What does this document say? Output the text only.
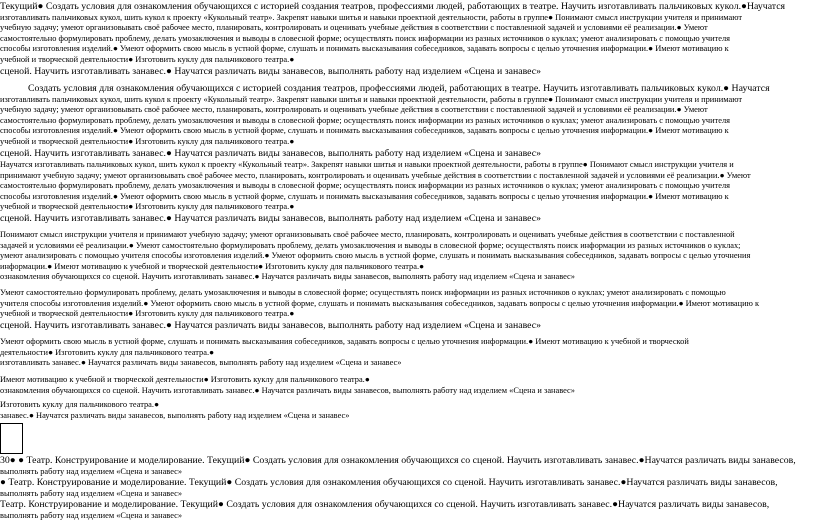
Текущий● Создать условия для ознакомления обучающихся с историей создания театров, профессиями людей, работающих в театре. Научить изготавливать пальчиковых кукол.●Научатся
изготавливать пальчиковых кукол, шить кукол к проекту «Кукольный театр». Закрепят навыки шитья и навыки проектной деятельности, работы в группе● Понимают смысл инструкции учителя и принимают
учебную задачу; умеют организовывать своё рабочее место, планировать, контролировать и оценивать учебные действия в соответствии с поставленной задачей и условиями её реализации.● Умеют
самостоятельно формулировать проблему, делать умозаключения и выводы в словесной форме; осуществлять поиск информации из разных источников о куклах; умеют анализировать с помощью учителя
способы изготовления изделий.● Умеют оформить свою мысль в устной форме, слушать и понимать высказывания собеседников, задавать вопросы с целью уточнения информации.● Имеют мотивацию к
учебной и творческой деятельности● Изготовить куклу для пальчикового театра.●
сценой. Научить изготавливать занавес.● Научатся различать виды занавесов, выполнять работу над изделием «Сцена и занавес»
Создать условия для ознакомления обучающихся с историей создания театров, профессиями людей, работающих в театре. Научить изготавливать пальчиковых кукол.● Научатся
изготавливать пальчиковых кукол, шить кукол к проекту «Кукольный театр». Закрепят навыки шитья и навыки проектной деятельности, работы в группе● Понимают смысл инструкции учителя и принимают
учебную задачу; умеют организовывать своё рабочее место, планировать, контролировать и оценивать учебные действия в соответствии с поставленной задачей и условиями её реализации.● Умеют
самостоятельно формулировать проблему, делать умозаключения и выводы в словесной форме; осуществлять поиск информации из разных источников о куклах; умеют анализировать с помощью учителя
способы изготовления изделий.● Умеют оформить свою мысль в устной форме, слушать и понимать высказывания собеседников, задавать вопросы с целью уточнения информации.● Имеют мотивацию к
учебной и творческой деятельности● Изготовить куклу для пальчикового театра.●
сценой. Научить изготавливать занавес.● Научатся различать виды занавесов, выполнять работу над изделием «Сцена и занавес»
Научатся изготавливать пальчиковых кукол, шить кукол к проекту «Кукольный театр». Закрепят навыки шитья и навыки проектной деятельности, работы в группе● Понимают смысл инструкции учителя и
принимают учебную задачу; умеют организовывать своё рабочее место, планировать, контролировать и оценивать учебные действия в соответствии с поставленной задачей и условиями её реализации.● Умеют
самостоятельно формулировать проблему, делать умозаключения и выводы в словесной форме; осуществлять поиск информации из разных источников о куклах; умеют анализировать с помощью учителя
способы изготовления изделий.● Умеют оформить свою мысль в устной форме, слушать и понимать высказывания собеседников, задавать вопросы с целью уточнения информации.● Имеют мотивацию к
учебной и творческой деятельности● Изготовить куклу для пальчикового театра.●
сценой. Научить изготавливать занавес.● Научатся различать виды занавесов, выполнять работу над изделием «Сцена и занавес»
Понимают смысл инструкции учителя и принимают учебную задачу; умеют организовывать своё рабочее место, планировать, контролировать и оценивать учебные действия в соответствии с поставленной
задачей и условиями её реализации.● Умеют самостоятельно формулировать проблему, делать умозаключения и выводы в словесной форме; осуществлять поиск информации из разных источников о куклах;
умеют анализировать с помощью учителя способы изготовления изделий.● Умеют оформить свою мысль в устной форме, слушать и понимать высказывания собеседников, задавать вопросы с целью уточнения
информации.● Имеют мотивацию к учебной и творческой деятельности● Изготовить куклу для пальчикового театра.●
ознакомления обучающихся со сценой. Научить изготавливать занавес.● Научатся различать виды занавесов, выполнять работу над изделием «Сцена и занавес»
Умеют самостоятельно формулировать проблему, делать умозаключения и выводы в словесной форме; осуществлять поиск информации из разных источников о куклах; умеют анализировать с помощью
учителя способы изготовления изделий.● Умеют оформить свою мысль в устной форме, слушать и понимать высказывания собеседников, задавать вопросы с целью уточнения информации.● Имеют мотивацию к
учебной и творческой деятельности● Изготовить куклу для пальчикового театра.●
сценой. Научить изготавливать занавес.● Научатся различать виды занавесов, выполнять работу над изделием «Сцена и занавес»
Умеют оформить свою мысль в устной форме, слушать и понимать высказывания собеседников, задавать вопросы с целью уточнения информации.● Имеют мотивацию к учебной и творческой
деятельности● Изготовить куклу для пальчикового театра.●
изготавливать занавес.● Научатся различать виды занавесов, выполнять работу над изделием «Сцена и занавес»
Имеют мотивацию к учебной и творческой деятельности● Изготовить куклу для пальчикового театра.●
ознакомления обучающихся со сценой. Научить изготавливать занавес.● Научатся различать виды занавесов, выполнять работу над изделием «Сцена и занавес»
Изготовить куклу для пальчикового театра.●
занавес.● Научатся различать виды занавесов, выполнять работу над изделием «Сцена и занавес»
30● ● Театр. Конструирование и моделирование. Текущий● Создать условия для ознакомления обучающихся со сценой. Научить изготавливать занавес.●Научатся различать виды занавесов,
выполнять работу над изделием «Сцена и занавес»
● Театр. Конструирование и моделирование. Текущий● Создать условия для ознакомления обучающихся со сценой. Научить изготавливать занавес.●Научатся различать виды занавесов,
выполнять работу над изделием «Сцена и занавес»
Театр. Конструирование и моделирование. Текущий● Создать условия для ознакомления обучающихся со сценой. Научить изготавливать занавес.●Научатся различать виды занавесов,
выполнять работу над изделием «Сцена и занавес»
